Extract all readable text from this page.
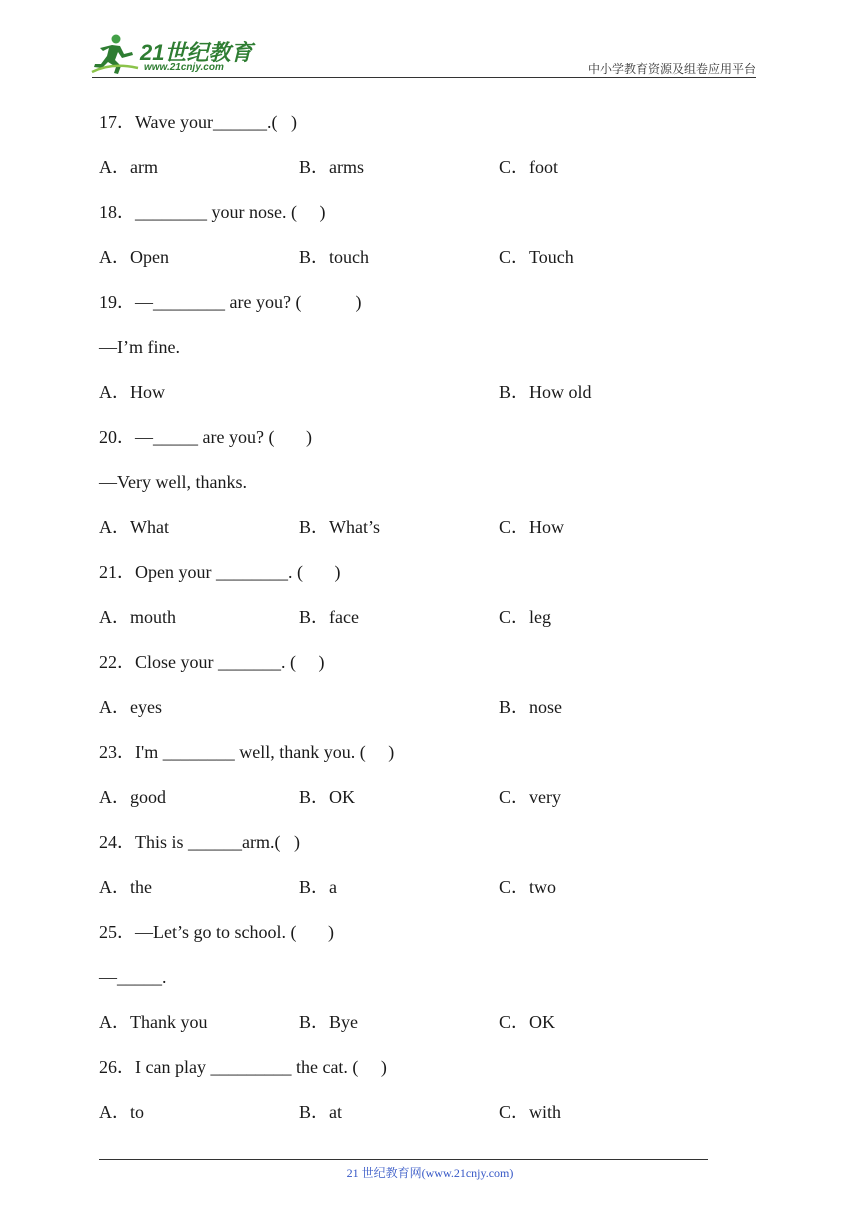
21世纪教育
www.21cnjy.com	中小学教育资源及组卷应用平台
17．Wave your______.(   )
A．arm	B．arms	C．foot
18．________ your nose. (     )
A．Open	B．touch	C．Touch
19．—________ are you? (            )
—I’m fine.
A．How	B．How old
20．—_____ are you? (       )
—Very well, thanks.
A．What	B．What’s	C．How
21．Open your ________. (       )
A．mouth	B．face	C．leg
22．Close your _______. (     )
A．eyes	B．nose
23．I'm ________ well, thank you. (     )
A．good	B．OK	C．very
24．This is ______arm.(   )
A．the	B．a	C．two
25．—Let’s go to school. (       )
—_____.
A．Thank you	B．Bye	C．OK
26．I can play _________ the cat. (     )
A．to	B．at	C．with
21 世纪教育网(www.21cnjy.com)
